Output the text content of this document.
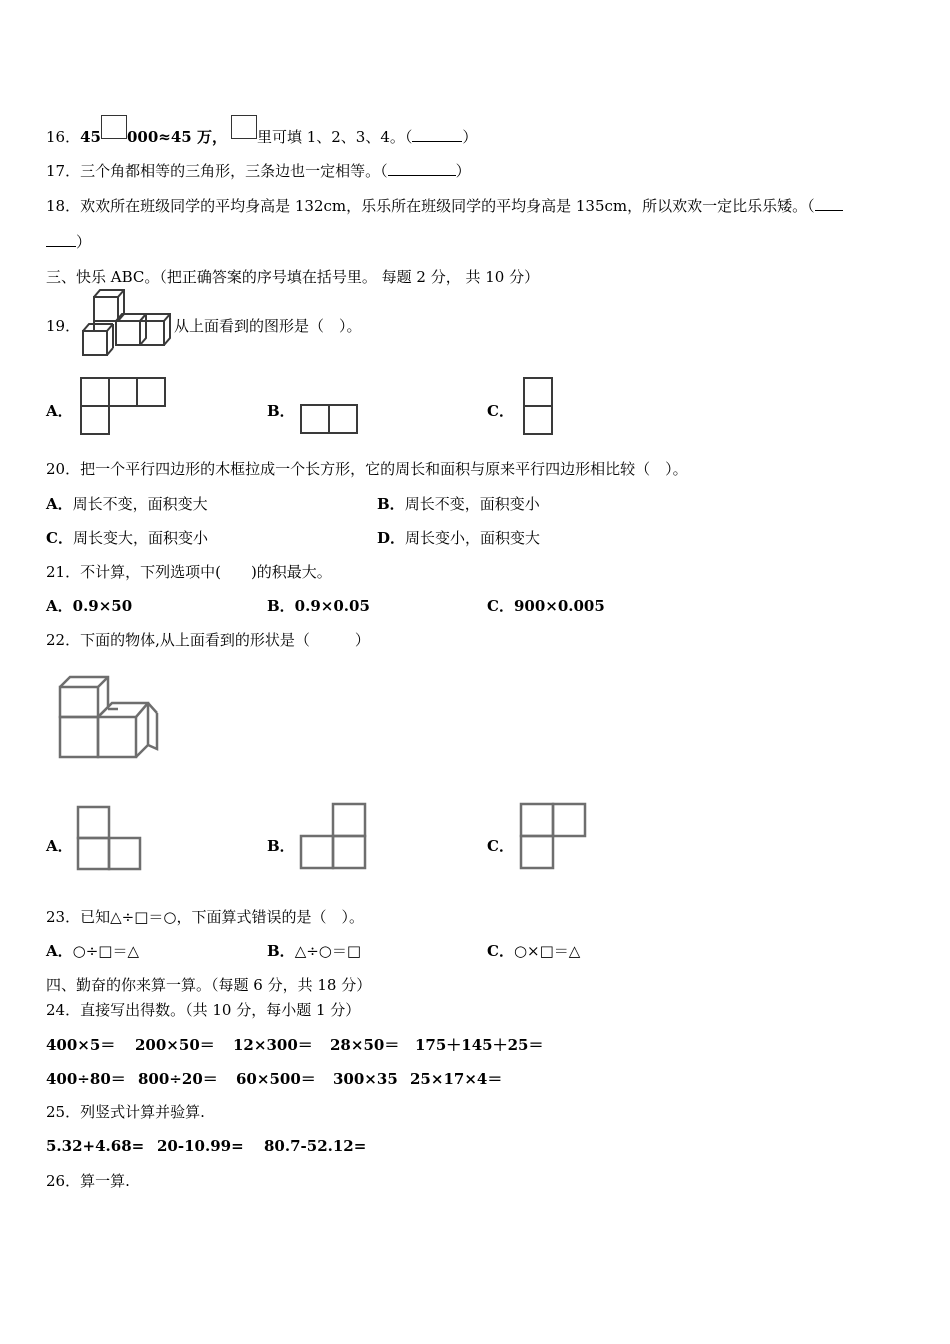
16．45 000≈45 万， 里可填 1、2、3、4。（	）
17．三个角都相等的三角形，三条边也一定相等。（	）
18．欢欢所在班级同学的平均身高是 132cm，乐乐所在班级同学的平均身高是 135cm，所以欢欢一定比乐乐矮。（
）
三、快乐 ABC。（把正确答案的序号填在括号里。 每题 2 分， 共 10 分）
19．	从上面看到的图形是（　）。
A．	B．	C．
20．把一个平行四边形的木框拉成一个长方形，它的周长和面积与原来平行四边形相比较（　）。
A．周长不变，面积变大	B．周长不变，面积变小
C．周长变大，面积变小	D．周长变小，面积变大
21．不计算，下列选项中(　　)的积最大。
A．0.9×50	B．0.9×0.05	C．900×0.005
22．下面的物体,从上面看到的形状是（　　　）
A．	B．	C．
23．已知△÷□＝○，下面算式错误的是（　）。
A．○÷□＝△	B．△÷○＝□	C．○×□＝△
四、勤奋的你来算一算。（每题 6 分，共 18 分）
24．直接写出得数。（共 10 分，每小题 1 分）
400×5＝ 200×50＝ 12×300＝ 28×50＝ 175＋145＋25＝
400÷80＝ 800÷20＝ 60×500＝ 300×35 25×17×4＝
25．列竖式计算并验算.
5.32+4.68= 20-10.99= 80.7-52.12=
26．算一算.
